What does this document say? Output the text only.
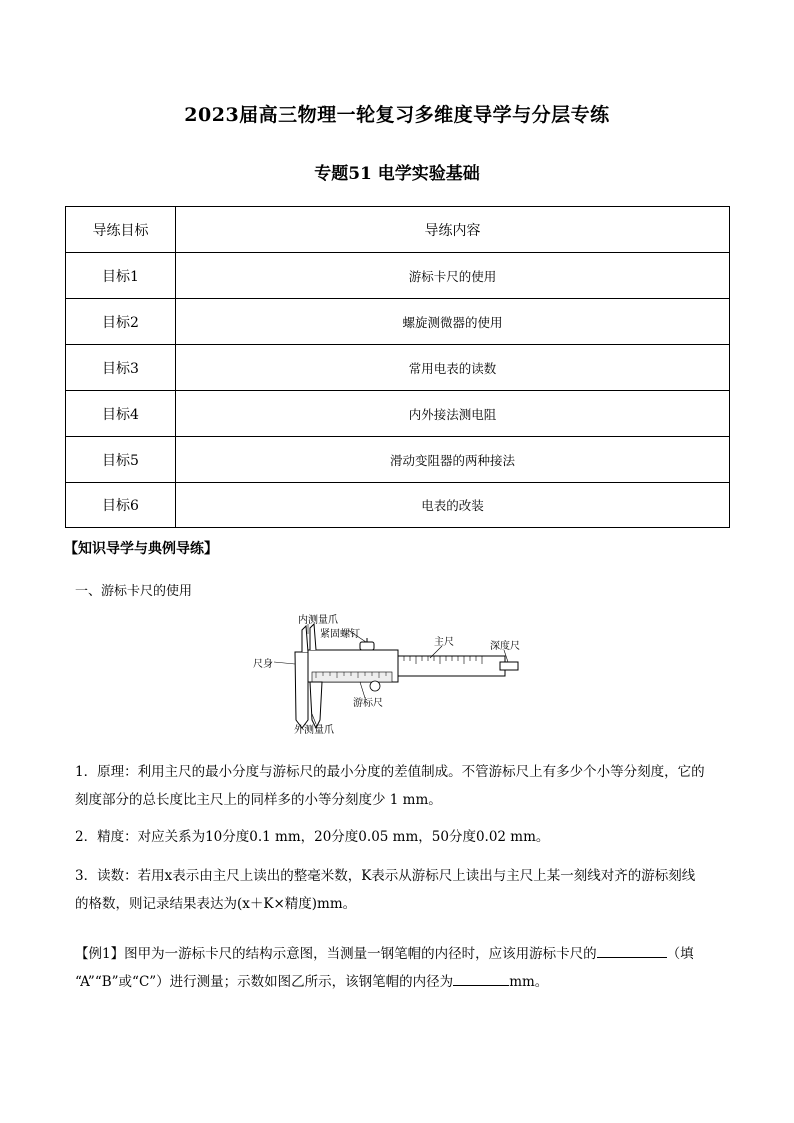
2023届高三物理一轮复习多维度导学与分层专练
专题51 电学实验基础
导练目标	导练内容
目标1	游标卡尺的使用
目标2	螺旋测微器的使用
目标3	常用电表的读数
目标4	内外接法测电阻
目标5	滑动变阻器的两种接法
目标6	电表的改装
【知识导学与典例导练】
一、游标卡尺的使用
内测量爪
紧固螺钉
主尺	深度尺
尺身
游标尺
外测量爪
1．原理：利用主尺的最小分度与游标尺的最小分度的差值制成。不管游标尺上有多少个小等分刻度，它的
刻度部分的总长度比主尺上的同样多的小等分刻度少 1 mm。
2．精度：对应关系为10分度0.1 mm，20分度0.05 mm，50分度0.02 mm。
3．读数：若用x表示由主尺上读出的整毫米数，K表示从游标尺上读出与主尺上某一刻线对齐的游标刻线
的格数，则记录结果表达为(x＋K×精度)mm。
【例1】图甲为一游标卡尺的结构示意图，当测量一钢笔帽的内径时，应该用游标卡尺的	（填
“A”“B”或“C”）进行测量；示数如图乙所示，该钢笔帽的内径为	mm。
